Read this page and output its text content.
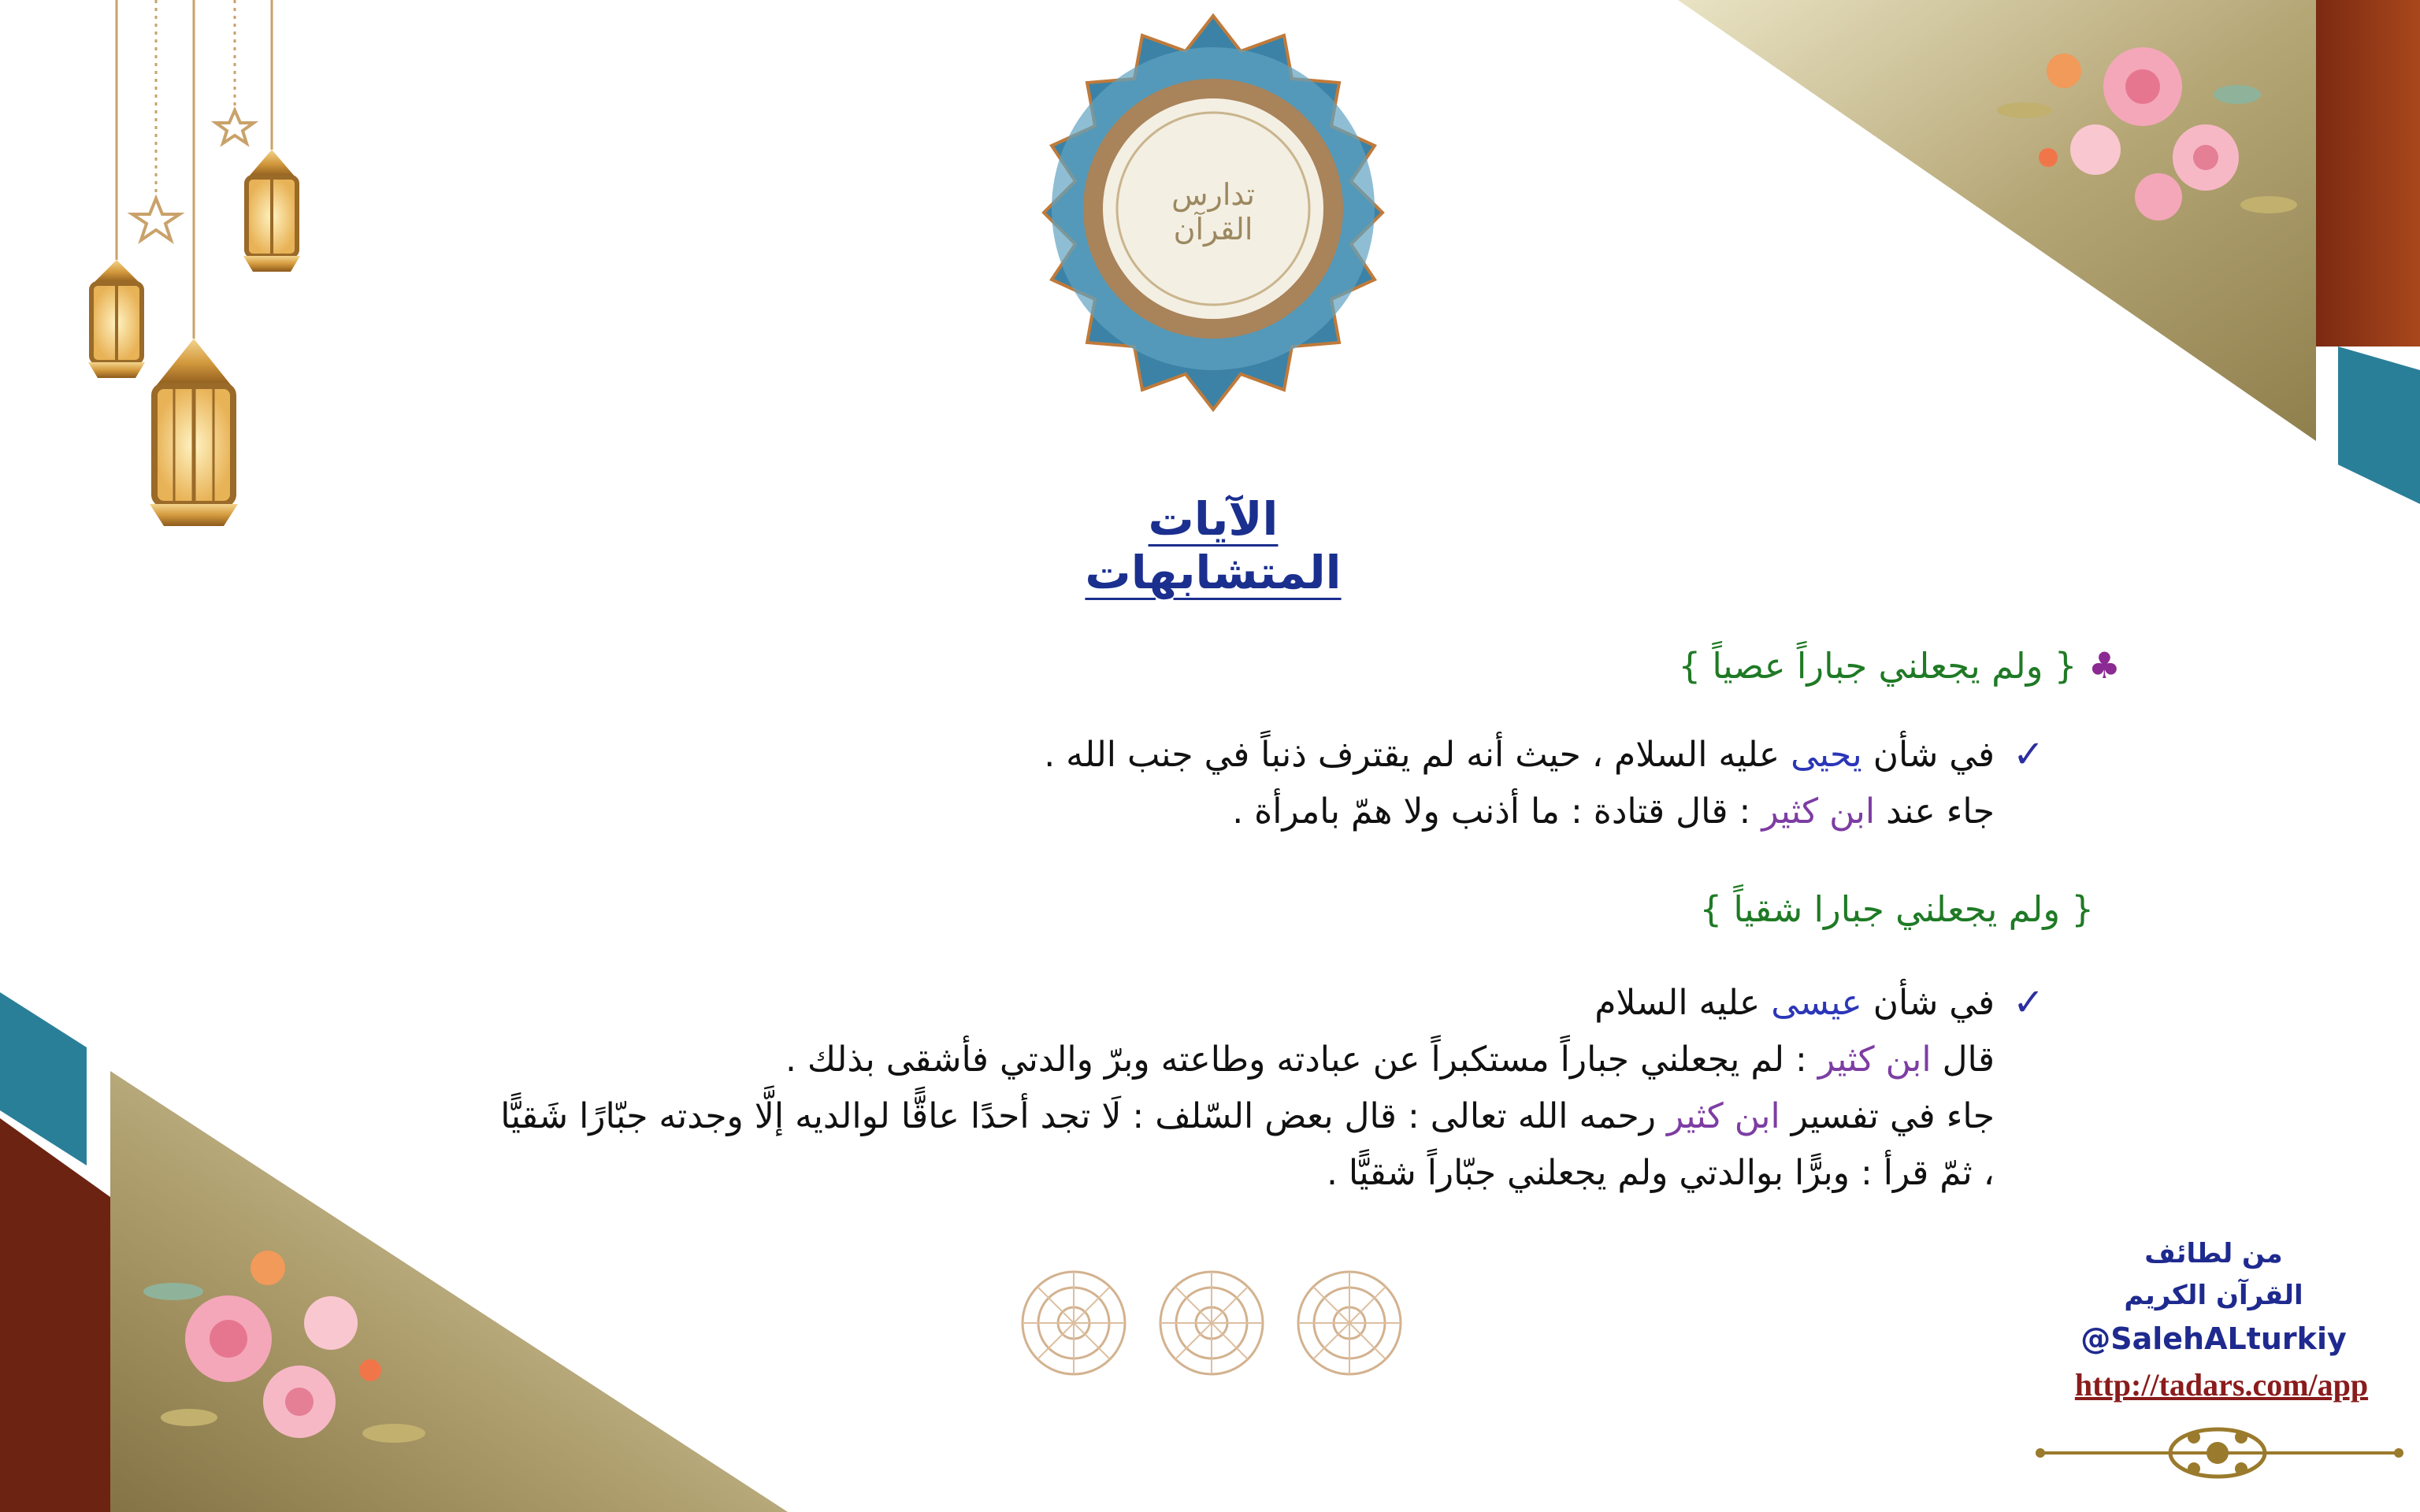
تدارس القرآن
الآيات المتشابهات
♣ { ولم يجعلني جباراً عصياً }
✓
في شأن يحيى عليه السلام ، حيث أنه لم يقترف ذنباً في جنب الله .
جاء عند ابن كثير : قال قتادة : ما أذنب ولا همّ بامرأة .
{ ولم يجعلني جبارا شقياً }
✓
في شأن عيسى عليه السلام
قال ابن كثير : لم يجعلني جباراً مستكبراً عن عبادته وطاعته وبرّ والدتي فأشقى بذلك .
جاء في تفسير ابن كثير رحمه الله تعالى : قال بعض السّلف : لَا تجد أحدًا عاقًّا لوالديه إلَّا وجدته جبّارًا شَقيًّا
، ثمّ قرأ : وبرًّا بوالدتي ولم يجعلني جبّاراً شقيًّا .
من لطائف
القرآن الكريم
@SalehALturkiy
http://tadars.com/app
